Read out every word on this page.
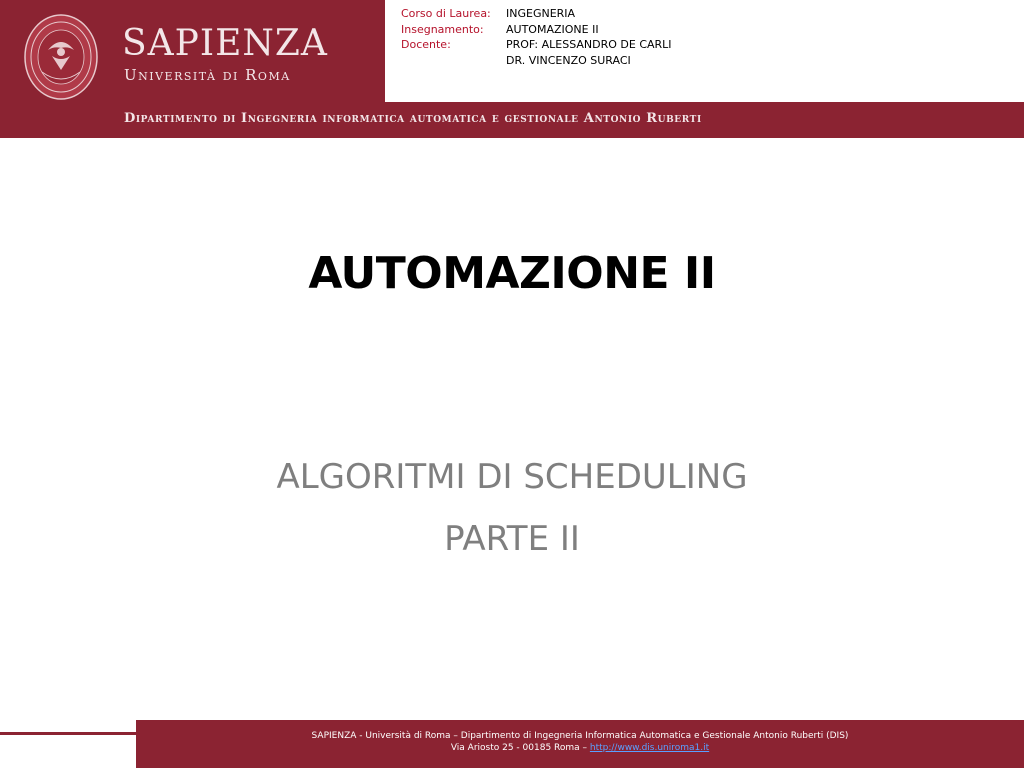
SAPIENZA
Università di Roma
Corso di Laurea:	INGEGNERIA
Insegnamento:	AUTOMAZIONE II
Docente:	PROF: ALESSANDRO DE CARLI
DR. VINCENZO SURACI
Dipartimento di Ingegneria informatica automatica e gestionale Antonio Ruberti
AUTOMAZIONE II
ALGORITMI DI SCHEDULING
PARTE II
SAPIENZA - Università di Roma – Dipartimento di Ingegneria Informatica Automatica e Gestionale Antonio Ruberti (DIS)
Via Ariosto 25 - 00185 Roma – http://www.dis.uniroma1.it
